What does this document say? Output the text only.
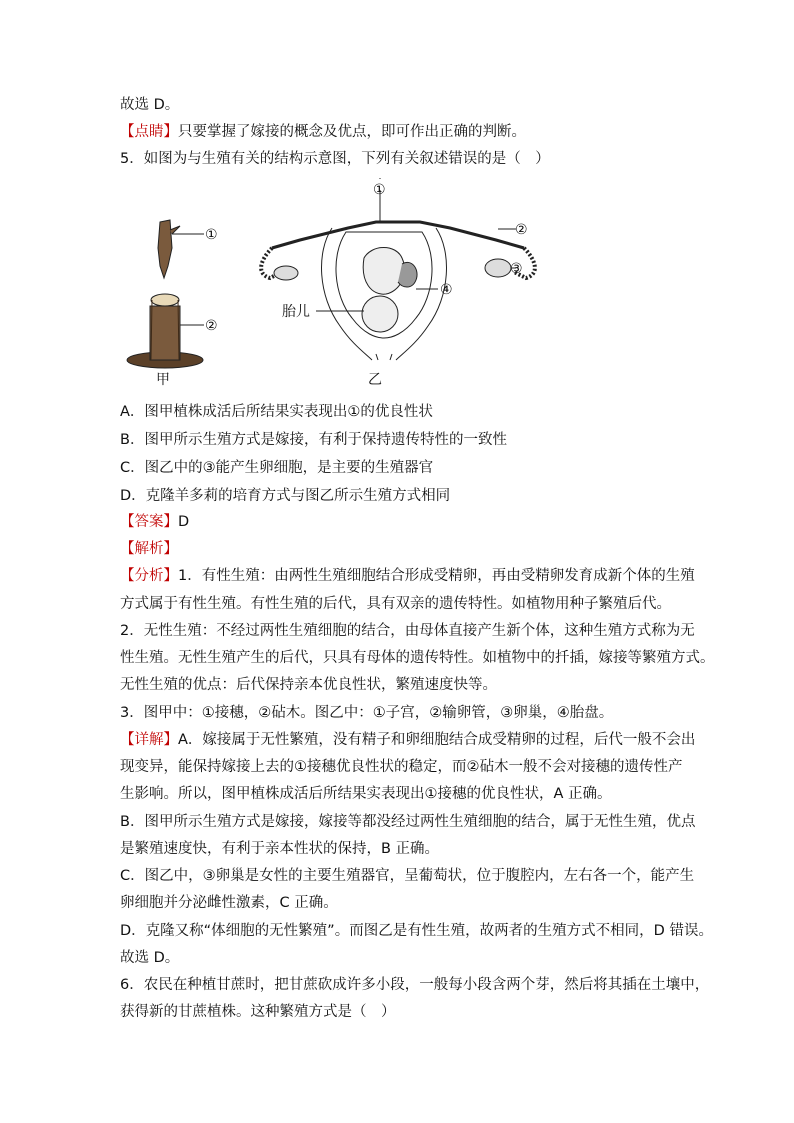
故选 D。
【点睛】只要掌握了嫁接的概念及优点，即可作出正确的判断。
5．如图为与生殖有关的结构示意图，下列有关叙述错误的是（　）
①
②
①
②
③
④
胎儿
甲	乙
A．图甲植株成活后所结果实表现出①的优良性状
B．图甲所示生殖方式是嫁接，有利于保持遗传特性的一致性
C．图乙中的③能产生卵细胞，是主要的生殖器官
D．克隆羊多莉的培育方式与图乙所示生殖方式相同
【答案】D
【解析】
【分析】1．有性生殖：由两性生殖细胞结合形成受精卵，再由受精卵发育成新个体的生殖
方式属于有性生殖。有性生殖的后代，具有双亲的遗传特性。如植物用种子繁殖后代。
2．无性生殖：不经过两性生殖细胞的结合，由母体直接产生新个体，这种生殖方式称为无
性生殖。无性生殖产生的后代，只具有母体的遗传特性。如植物中的扦插，嫁接等繁殖方式。
无性生殖的优点：后代保持亲本优良性状，繁殖速度快等。
3．图甲中：①接穗，②砧木。图乙中：①子宫，②输卵管，③卵巢，④胎盘。
【详解】A．嫁接属于无性繁殖，没有精子和卵细胞结合成受精卵的过程，后代一般不会出
现变异，能保持嫁接上去的①接穗优良性状的稳定，而②砧木一般不会对接穗的遗传性产
生影响。所以，图甲植株成活后所结果实表现出①接穗的优良性状，A 正确。
B．图甲所示生殖方式是嫁接，嫁接等都没经过两性生殖细胞的结合，属于无性生殖，优点
是繁殖速度快，有利于亲本性状的保持，B 正确。
C．图乙中，③卵巢是女性的主要生殖器官，呈葡萄状，位于腹腔内，左右各一个，能产生
卵细胞并分泌雌性激素，C 正确。
D．克隆又称“体细胞的无性繁殖”。而图乙是有性生殖，故两者的生殖方式不相同，D 错误。
故选 D。
6．农民在种植甘蔗时，把甘蔗砍成许多小段，一般每小段含两个芽，然后将其插在土壤中，
获得新的甘蔗植株。这种繁殖方式是（　）
